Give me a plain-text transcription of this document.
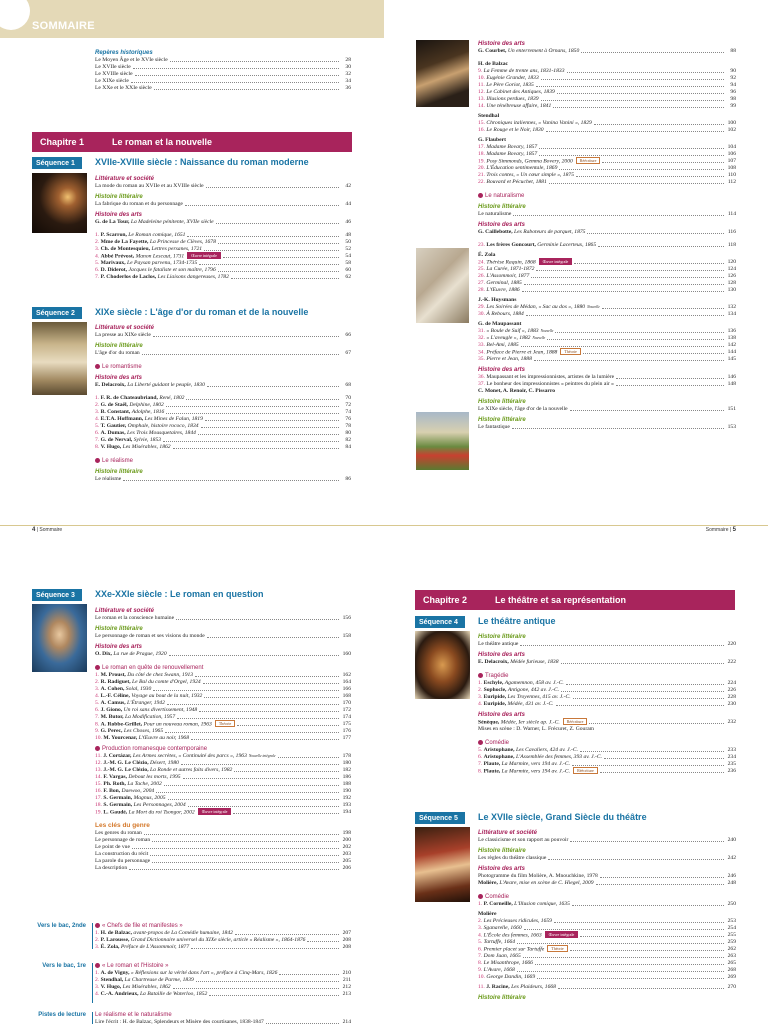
SOMMAIRE
Repères historiques
Le Moyen Âge et le XVIe siècle	28
Le XVIIe siècle	30
Le XVIIIe siècle	32
Le XIXe siècle	34
Le XXe et le XXIe siècle	36
Chapitre 1	Le roman et la nouvelle
Séquence 1	XVIIe-XVIIIe siècle : Naissance du roman moderne
Littérature et société
La mode du roman au XVIIe et au XVIIIe siècle	42
Histoire littéraire
La fabrique du roman et du personnage	44
Histoire des arts
G. de La Tour, La Madeleine pénitente, XVIIe siècle	46
1. P. Scarron, Le Roman comique, 1651	48
2. Mme de La Fayette, La Princesse de Clèves, 1678	50
3. Ch. de Montesquieu, Lettres persanes, 1721	52
4. Abbé Prévost, Manon Lescaut, 1731 Œuvre intégrale	54
5. Marivaux, Le Paysan parvenu, 1734-1735	58
6. D. Diderot, Jacques le fataliste et son maître, 1796	60
7. P. Choderlos de Laclos, Les Liaisons dangereuses, 1782	62
Séquence 2	XIXe siècle : L'âge d'or du roman et de la nouvelle
Littérature et société
La presse au XIXe siècle	66
Histoire littéraire
L'âge d'or du roman	67
Le romantisme
Histoire des arts
E. Delacroix, La Liberté guidant le peuple, 1830	68
1. F. R. de Chateaubriand, René, 1802	70
2. G. de Staël, Delphine, 1802	72
3. B. Constant, Adolphe, 1816	74
4. E.T.A. Hoffmann, Les Mines de Falun, 1819	76
5. T. Gautier, Omphale, histoire rococo, 1834	78
6. A. Dumas, Les Trois Mousquetaires, 1844	80
7. G. de Nerval, Sylvie, 1853	82
8. V. Hugo, Les Misérables, 1862	84
Le réalisme
Histoire littéraire
Le réalisme	86
4 | Sommaire
Histoire des arts
G. Courbet, Un enterrement à Ornans, 1850	88
H. de Balzac
9. La Femme de trente ans, 1831-1833	90
10. Eugénie Grandet, 1833	92
11. Le Père Goriot, 1835	94
12. Le Cabinet des Antiques, 1839	96
13. Illusions perdues, 1839	98
14. Une ténébreuse affaire, 1841	99
Stendhal
15. Chroniques italiennes, « Vanina Vanini », 1829	100
16. Le Rouge et le Noir, 1830	102
G. Flaubert
17. Madame Bovary, 1857	104
18. Madame Bovary, 1857	106
19. Posy Simmonds, Gemma Bovery, 2000 Réécriture	107
20. L'Éducation sentimentale, 1869	108
21. Trois contes, « Un cœur simple », 1875	110
22. Bouvard et Pécuchet, 1881	112
Le naturalisme
Histoire littéraire
Le naturalisme	114
Histoire des arts
G. Caillebotte, Les Raboteurs de parquet, 1875	116
23. Les frères Goncourt, Germinie Lacerteux, 1865	118
É. Zola
24. Thérèse Raquin, 1868 Œuvre intégrale	120
25. La Curée, 1871-1872	124
26. L'Assommoir, 1877	126
27. Germinal, 1885	128
28. L'Œuvre, 1886	130
J.-K. Huysmans
29. Les Soirées de Médan, « Sac au dos », 1880 Nouvelle	132
30. À Rebours, 1884	134
G. de Maupassant
31. « Boule de Suif », 1883 Nouvelle	136
32. « L'aveugle », 1882 Nouvelle	138
33. Bel-Ami, 1885	142
34. Préface de Pierre et Jean, 1888 Théorie	144
35. Pierre et Jean, 1888	145
Histoire des arts
36. Maupassant et les impressionnistes, artistes de la lumière	146
37. Le bonheur des impressionnistes « peintres du plein air »	148
C. Monet, A. Renoir, C. Pissarro
Histoire littéraire
Le XIXe siècle, l'âge d'or de la nouvelle	151
Histoire littéraire
Le fantastique	153
Sommaire | 5
Séquence 3	XXe-XXIe siècle : Le roman en question
Littérature et société
Le roman et la conscience humaine	156
Histoire littéraire
Le personnage de roman et ses visions du monde	158
Histoire des arts
O. Dix, La rue de Prague, 1920	160
Le roman en quête de renouvellement
1. M. Proust, Du côté de chez Swann, 1913	162
2. R. Radiguet, Le Bal du comte d'Orgel, 1924	164
3. A. Cohen, Solal, 1930	166
4. L.-F. Céline, Voyage au bout de la nuit, 1932	168
5. A. Camus, L'Étranger, 1942	170
6. J. Giono, Un roi sans divertissement, 1948	172
7. M. Butor, La Modification, 1957	174
8. A. Robbe-Grillet, Pour un nouveau roman, 1963 Théorie	175
9. G. Perec, Les Choses, 1965	176
10. M. Yourcenar, L'Œuvre au noir, 1968	177
Production romanesque contemporaine
11. J. Cortázar, Les Armes secrètes, « Continuité des parcs », 1963 Nouvelle intégrale	178
12. J.-M. G. Le Clézio, Désert, 1980	180
13. J.-M. G. Le Clézio, La Ronde et autres faits divers, 1982	182
14. F. Vargas, Debout les morts, 1995	186
15. Ph. Roth, La Tache, 2002	188
16. F. Bon, Daewoo, 2004	190
17. S. Germain, Magnus, 2005	192
18. S. Germain, Les Personnages, 2004	193
19. L. Gaudé, La Mort du roi Tsongor, 2002 Œuvre intégrale	194
Les clés du genre
Les genres du roman	198
Le personnage de roman	200
Le point de vue	202
La construction du récit	203
La parole du personnage	205
La description	206
Vers le bac, 2nde	« Chefs de file et manifestes »
1. H. de Balzac, avant-propos de La Comédie humaine, 1842	207
2. P. Larousse, Grand Dictionnaire universel du XIXe siècle, article « Réalisme », 1864-1876	208
3. É. Zola, Préface de L'Assommoir, 1877	208
Vers le bac, 1re	« Le roman et l'Histoire »
1. A. de Vigny, « Réflexions sur la vérité dans l'art », préface à Cinq-Mars, 1826	210
2. Stendhal, La Chartreuse de Parme, 1839	211
3. V. Hugo, Les Misérables, 1862	212
4. C.-A. Andrieux, La Bataille de Waterloo, 1852	213
Pistes de lecture Le réalisme et le naturalisme
Lire l'écrit : H. de Balzac, Splendeurs et Misère des courtisanes, 1838-1847	214
Chapitre 2	Le théâtre et sa représentation
Séquence 4	Le théâtre antique
Histoire littéraire
Le théâtre antique	220
Histoire des arts
E. Delacroix, Médée furieuse, 1838	222
Tragédie
1. Eschyle, Agamemnon, 458 av. J.-C.	224
2. Sophocle, Antigone, 442 av. J.-C.	226
3. Euripide, Les Troyennes, 415 av. J.-C.	228
4. Euripide, Médée, 431 av. J.-C.	230
Histoire des arts
Sénèque, Médée, Ier siècle ap. J.-C. Réécriture	232
Mises en scène : D. Warner, L. Frécuret, Z. Gouram
Comédie
5. Aristophane, Les Cavaliers, 424 av. J.-C.	233
6. Aristophane, L'Assemblée des femmes, 393 av. J.-C.	234
7. Plaute, La Marmite, vers 194 av. J.-C.	235
8. Plaute, La Marmite, vers 194 av. J.-C. Réécriture	236
Séquence 5	Le XVIIe siècle, Grand Siècle du théâtre
Littérature et société
Le classicisme et son rapport au pouvoir	240
Histoire littéraire
Les règles du théâtre classique	242
Histoire des arts
Photogramme du film Molière, A. Mnouchkine, 1978	246
Molière, L'Avare, mise en scène de C. Hiegel, 2009	248
Comédie
1. P. Corneille, L'Illusion comique, 1635	250
Molière
2. Les Précieuses ridicules, 1659	253
3. Sganarelle, 1660	254
4. L'École des femmes, 1663 Œuvre intégrale	255
5. Tartuffe, 1664	259
6. Premier placet sur Tartuffe Théorie	262
7. Dom Juan, 1665	263
8. Le Misanthrope, 1666	265
9. L'Avare, 1668	268
10. George Dandin, 1669	269
11. J. Racine, Les Plaideurs, 1668	270
Histoire littéraire
